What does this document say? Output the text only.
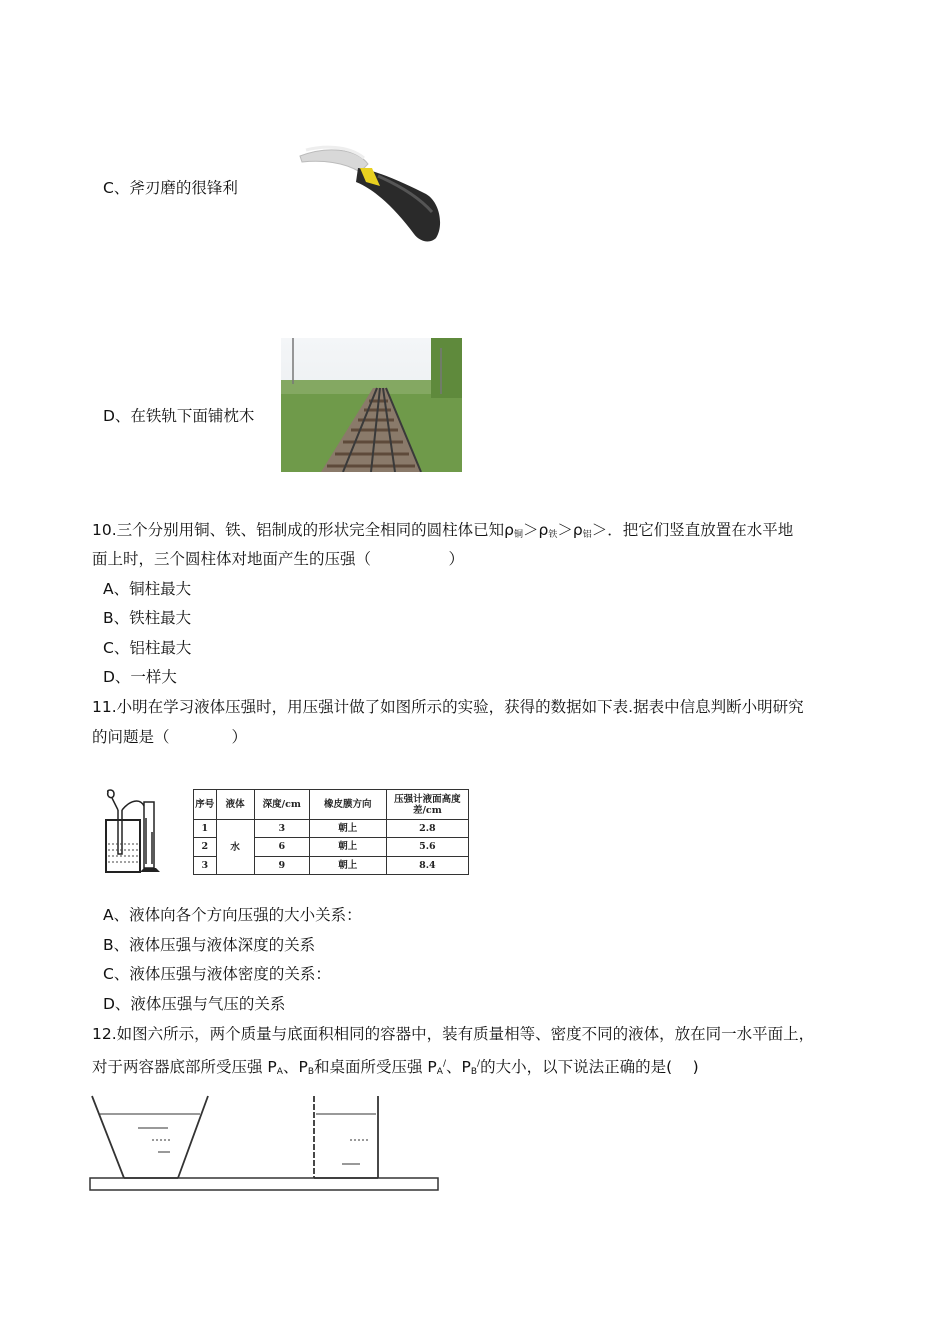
C、斧刃磨的很锋利
D、在铁轨下面铺枕木
10.三个分别用铜、铁、铝制成的形状完全相同的圆柱体已知$\rho_铜>\rho_铁>\rho_铝>$．把它们竖直放置在水平地
面上时，三个圆柱体对地面产生的压强（　　　　　）
A、铜柱最大
B、铁柱最大
C、铝柱最大
D、一样大
11.小明在学习液体压强时，用压强计做了如图所示的实验，获得的数据如下表.据表中信息判断小明研究
的问题是（　　　　）
序号	液体	深度/cm	橡皮膜方向	压强计液面高度差/cm
1	水	3	朝上	2.8
2		6	朝上	5.6
3		9	朝上	8.4
A、液体向各个方向压强的大小关系：
B、液体压强与液体深度的关系
C、液体压强与液体密度的关系：
D、液体压强与气压的关系
12.如图六所示，两个质量与底面积相同的容器中，装有质量相等、密度不同的液体，放在同一水平面上，
对于两容器底部所受压强 $P_A$、$P_B$和桌面所受压强 $P_A^/$、$P_B^/$的大小，以下说法正确的是(　 )
